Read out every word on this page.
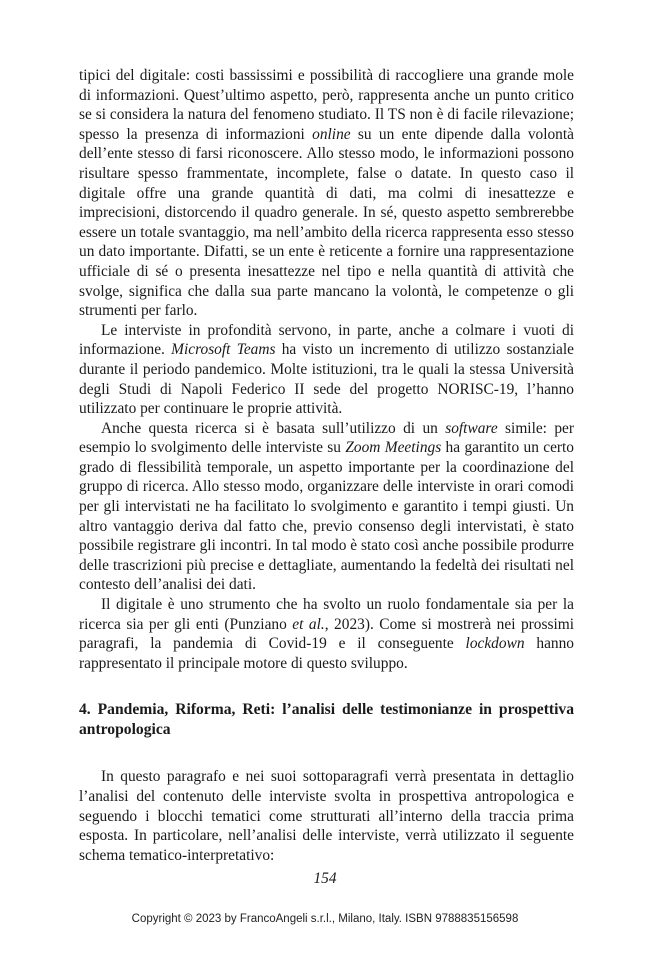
tipici del digitale: costi bassissimi e possibilità di raccogliere una grande mole di informazioni. Quest’ultimo aspetto, però, rappresenta anche un punto critico se si considera la natura del fenomeno studiato. Il TS non è di facile rilevazione; spesso la presenza di informazioni online su un ente dipende dalla volontà dell’ente stesso di farsi riconoscere. Allo stesso modo, le informazioni possono risultare spesso frammentate, incomplete, false o datate. In questo caso il digitale offre una grande quantità di dati, ma colmi di inesattezze e imprecisioni, distorcendo il quadro generale. In sé, questo aspetto sembrerebbe essere un totale svantaggio, ma nell’ambito della ricerca rappresenta esso stesso un dato importante. Difatti, se un ente è reticente a fornire una rappresentazione ufficiale di sé o presenta inesattezze nel tipo e nella quantità di attività che svolge, significa che dalla sua parte mancano la volontà, le competenze o gli strumenti per farlo.

Le interviste in profondità servono, in parte, anche a colmare i vuoti di informazione. Microsoft Teams ha visto un incremento di utilizzo sostanziale durante il periodo pandemico. Molte istituzioni, tra le quali la stessa Università degli Studi di Napoli Federico II sede del progetto NORISC-19, l’hanno utilizzato per continuare le proprie attività.

Anche questa ricerca si è basata sull’utilizzo di un software simile: per esempio lo svolgimento delle interviste su Zoom Meetings ha garantito un certo grado di flessibilità temporale, un aspetto importante per la coordinazione del gruppo di ricerca. Allo stesso modo, organizzare delle interviste in orari comodi per gli intervistati ne ha facilitato lo svolgimento e garantito i tempi giusti. Un altro vantaggio deriva dal fatto che, previo consenso degli intervistati, è stato possibile registrare gli incontri. In tal modo è stato così anche possibile produrre delle trascrizioni più precise e dettagliate, aumentando la fedeltà dei risultati nel contesto dell’analisi dei dati.

Il digitale è uno strumento che ha svolto un ruolo fondamentale sia per la ricerca sia per gli enti (Punziano et al., 2023). Come si mostrerà nei prossimi paragrafi, la pandemia di Covid-19 e il conseguente lockdown hanno rappresentato il principale motore di questo sviluppo.

4. Pandemia, Riforma, Reti: l’analisi delle testimonianze in prospettiva antropologica

In questo paragrafo e nei suoi sottoparagrafi verrà presentata in dettaglio l’analisi del contenuto delle interviste svolta in prospettiva antropologica e seguendo i blocchi tematici come strutturati all’interno della traccia prima esposta. In particolare, nell’analisi delle interviste, verrà utilizzato il seguente schema tematico-interpretativo:

154
Copyright © 2023 by FrancoAngeli s.r.l., Milano, Italy. ISBN 9788835156598
